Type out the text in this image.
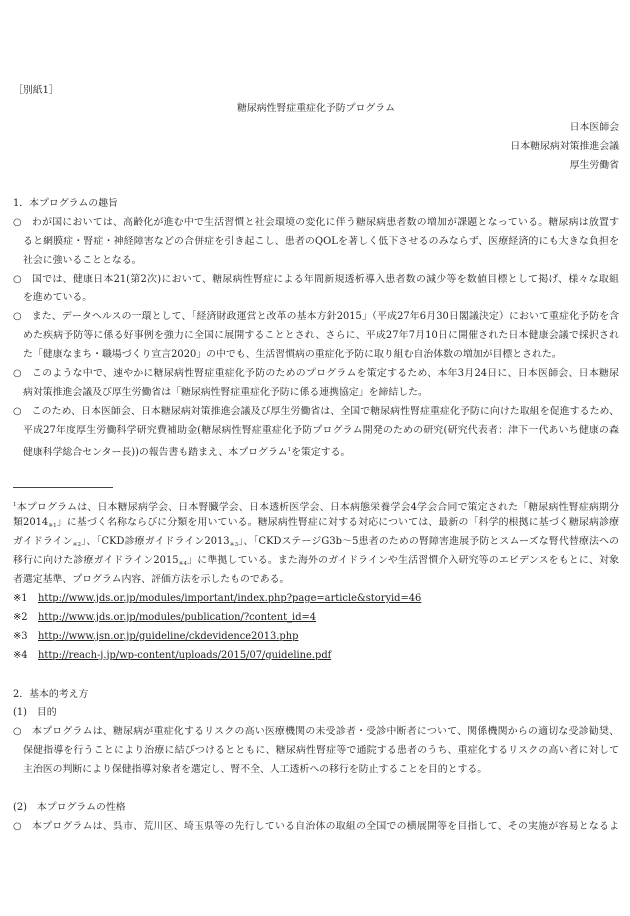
［別紙1］
糖尿病性腎症重症化予防プログラム
日本医師会
日本糖尿病対策推進会議
厚生労働省
1．本プログラムの趣旨
○　わが国においては、高齢化が進む中で生活習慣と社会環境の変化に伴う糖尿病患者数の増加が課題となっている。糖尿病は放置す
ると網膜症・腎症・神経障害などの合併症を引き起こし、患者のQOLを著しく低下させるのみならず、医療経済的にも大きな負担を
社会に強いることとなる。
○　国では、健康日本21(第2次)において、糖尿病性腎症による年間新規透析導入患者数の減少等を数値目標として掲げ、様々な取組
を進めている。
○　また、データヘルスの一環として、「経済財政運営と改革の基本方針2015」（平成27年6月30日閣議決定）において重症化予防を含
めた疾病予防等に係る好事例を強力に全国に展開することとされ、さらに、平成27年7月10日に開催された日本健康会議で採択され
た「健康なまち・職場づくり宣言2020」の中でも、生活習慣病の重症化予防に取り組む自治体数の増加が目標とされた。
○　このような中で、速やかに糖尿病性腎症重症化予防のためのプログラムを策定するため、本年3月24日に、日本医師会、日本糖尿
病対策推進会議及び厚生労働省は「糖尿病性腎症重症化予防に係る連携協定」を締結した。
○　このため、日本医師会、日本糖尿病対策推進会議及び厚生労働省は、全国で糖尿病性腎症重症化予防に向けた取組を促進するため、
平成27年度厚生労働科学研究費補助金(糖尿病性腎症重症化予防プログラム開発のための研究(研究代表者：津下一代あいち健康の森
健康科学総合センター長))の報告書も踏まえ、本プログラム$^1$を策定する。
$^1$本プログラムは、日本糖尿病学会、日本腎臓学会、日本透析医学会、日本病態栄養学会4学会合同で策定された「糖尿病性腎症病期分
類$2014_{※1}$」に基づく名称ならびに分類を用いている。糖尿病性腎症に対する対応については、最新の「科学的根拠に基づく糖尿病診療
ガイドライン$_{※2}$」、「CKD診療ガイドライン$2013_{※3}$」、「CKDステージG3b～5患者のための腎障害進展予防とスムーズな腎代替療法への
移行に向けた診療ガイドライン$2015_{※4}$」に準拠している。また海外のガイドラインや生活習慣介入研究等のエビデンスをもとに、対象
者選定基準、プログラム内容、評価方法を示したものである。
※1 http://www.jds.or.jp/modules/important/index.php?page=article&storyid=46
※2 http://www.jds.or.jp/modules/publication/?content_id=4
※3 http://www.jsn.or.jp/guideline/ckdevidence2013.php
※4 http://reach-j.jp/wp-content/uploads/2015/07/guideline.pdf
2．基本的考え方
(1)　目的
○　本プログラムは、糖尿病が重症化するリスクの高い医療機関の未受診者・受診中断者について、関係機関からの適切な受診勧奨、
保健指導を行うことにより治療に結びつけるとともに、糖尿病性腎症等で通院する患者のうち、重症化するリスクの高い者に対して
主治医の判断により保健指導対象者を選定し、腎不全、人工透析への移行を防止することを目的とする。
(2)　本プログラムの性格
○　本プログラムは、呉市、荒川区、埼玉県等の先行している自治体の取組の全国での横展開等を目指して、その実施が容易となるよ
